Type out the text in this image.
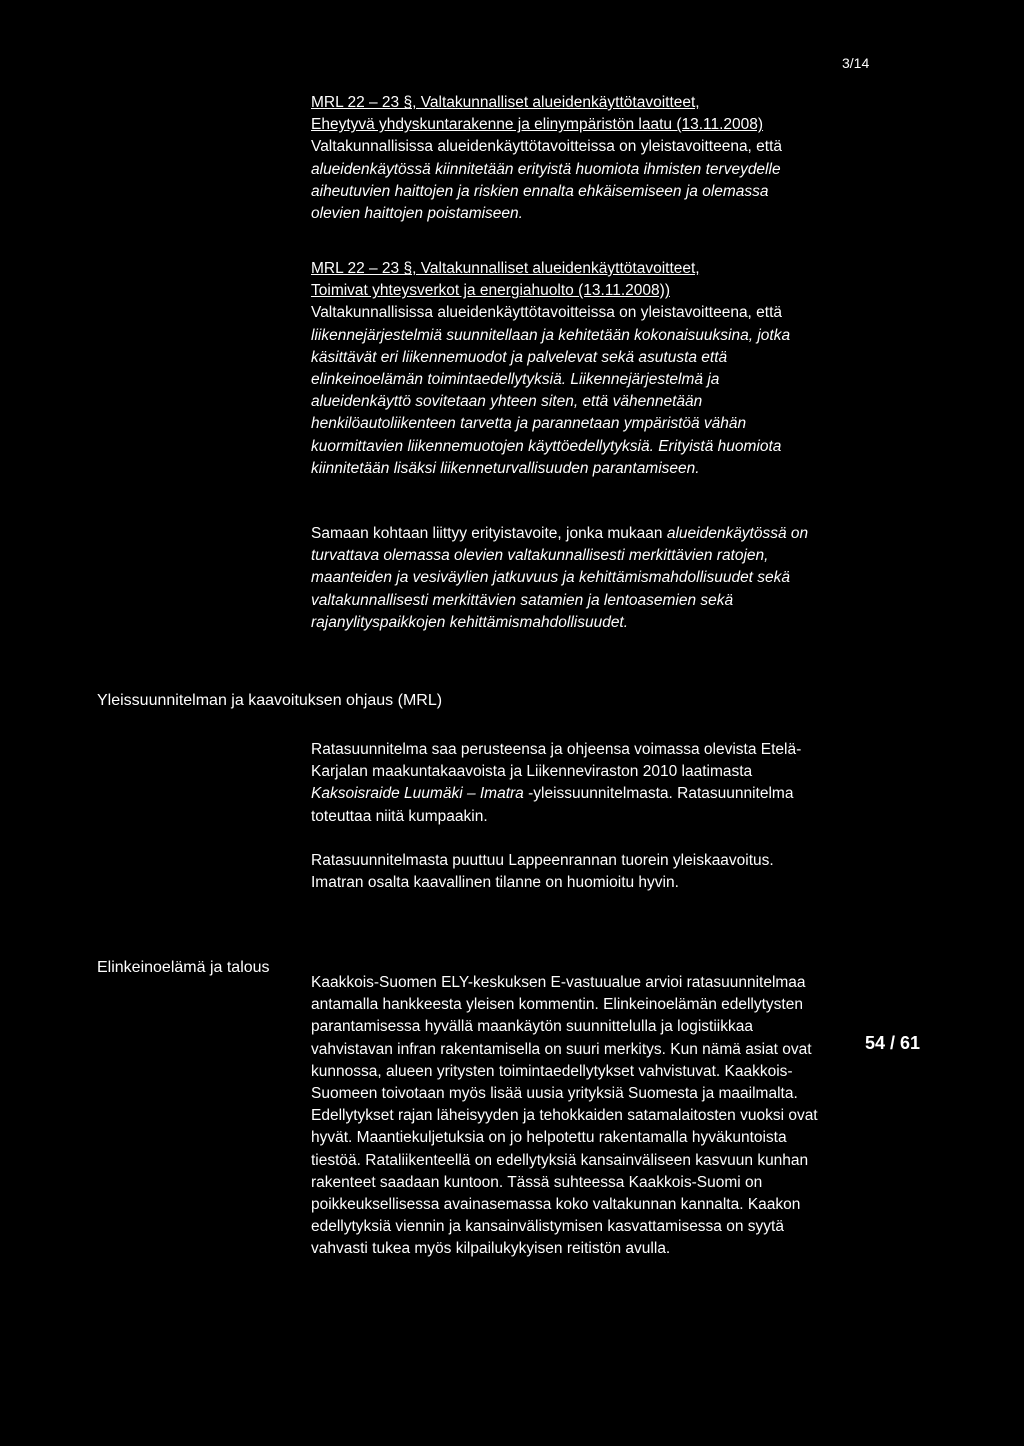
3/14

MRL 22 – 23 §, Valtakunnalliset alueidenkäyttötavoitteet,

Eheytyvä yhdyskuntarakenne ja elinympäristön laatu (13.11.2008)

Valtakunnallisissa alueidenkäyttötavoitteissa on yleistavoitteena, että

alueidenkäytössä kiinnitetään erityistä huomiota ihmisten terveydelle

aiheutuvien haittojen ja riskien ennalta ehkäisemiseen ja olemassa

olevien haittojen poistamiseen.

MRL 22 – 23 §, Valtakunnalliset alueidenkäyttötavoitteet,

Toimivat yhteysverkot ja energiahuolto (13.11.2008))

Valtakunnallisissa alueidenkäyttötavoitteissa on yleistavoitteena, että

liikennejärjestelmiä suunnitellaan ja kehitetään kokonaisuuksina, jotka

käsittävät eri liikennemuodot ja palvelevat sekä asutusta että

elinkeinoelämän toimintaedellytyksiä. Liikennejärjestelmä ja

alueidenkäyttö sovitetaan yhteen siten, että vähennetään

henkilöautoliikenteen tarvetta ja parannetaan ympäristöä vähän

kuormittavien liikennemuotojen käyttöedellytyksiä. Erityistä huomiota

kiinnitetään lisäksi liikenneturvallisuuden parantamiseen.

Samaan kohtaan liittyy erityistavoite, jonka mukaan alueidenkäytössä on

turvattava olemassa olevien valtakunnallisesti merkittävien ratojen,

maanteiden ja vesiväylien jatkuvuus ja kehittämismahdollisuudet sekä

valtakunnallisesti merkittävien satamien ja lentoasemien sekä

rajanylityspaikkojen kehittämismahdollisuudet.

Yleissuunnitelman ja kaavoituksen ohjaus (MRL)

Ratasuunnitelma saa perusteensa ja ohjeensa voimassa olevista Etelä-

Karjalan maakuntakaavoista ja Liikenneviraston 2010 laatimasta

Kaksoisraide Luumäki – Imatra -yleissuunnitelmasta. Ratasuunnitelma

toteuttaa niitä kumpaakin.

Ratasuunnitelmasta puuttuu Lappeenrannan tuorein yleiskaavoitus.

Imatran osalta kaavallinen tilanne on huomioitu hyvin.

Elinkeinoelämä ja talous

Kaakkois-Suomen ELY-keskuksen E-vastuualue arvioi ratasuunnitelmaa

antamalla hankkeesta yleisen kommentin. Elinkeinoelämän edellytysten

parantamisessa hyvällä maankäytön suunnittelulla ja logistiikkaa

vahvistavan infran rakentamisella on suuri merkitys. Kun nämä asiat ovat

kunnossa, alueen yritysten toimintaedellytykset vahvistuvat. Kaakkois-

Suomeen toivotaan myös lisää uusia yrityksiä Suomesta ja maailmalta.

Edellytykset rajan läheisyyden ja tehokkaiden satamalaitosten vuoksi ovat

hyvät. Maantiekuljetuksia on jo helpotettu rakentamalla hyväkuntoista

tiestöä. Rataliikenteellä on edellytyksiä kansainväliseen kasvuun kunhan

rakenteet saadaan kuntoon. Tässä suhteessa Kaakkois-Suomi on

poikkeuksellisessa avainasemassa koko valtakunnan kannalta. Kaakon

edellytyksiä viennin ja kansainvälistymisen kasvattamisessa on syytä

vahvasti tukea myös kilpailukykyisen reitistön avulla.

54 / 61
